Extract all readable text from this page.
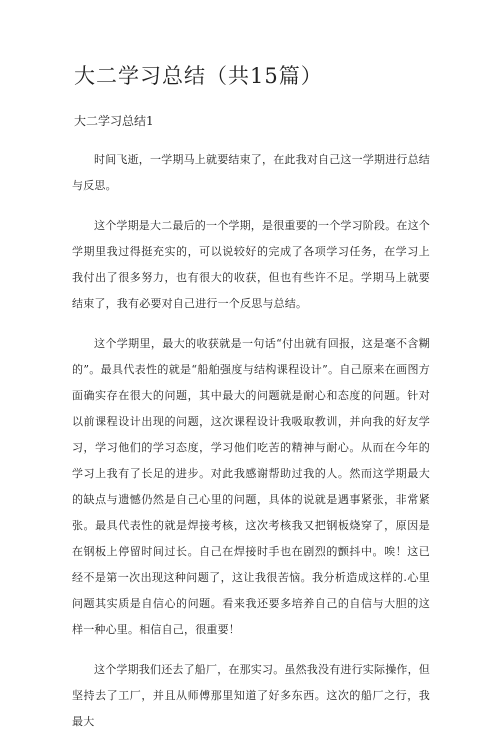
大二学习总结（共15篇）
大二学习总结1

时间飞逝，一学期马上就要结束了，在此我对自己这一学期进行总结与反思。

这个学期是大二最后的一个学期，是很重要的一个学习阶段。在这个学期里我过得挺充实的，可以说较好的完成了各项学习任务，在学习上我付出了很多努力，也有很大的收获，但也有些许不足。学期马上就要结束了，我有必要对自己进行一个反思与总结。

这个学期里，最大的收获就是一句话“付出就有回报，这是毫不含糊的”。最具代表性的就是“船舶强度与结构课程设计”。自己原来在画图方面确实存在很大的问题，其中最大的问题就是耐心和态度的问题。针对以前课程设计出现的问题，这次课程设计我吸取教训，并向我的好友学习，学习他们的学习态度，学习他们吃苦的精神与耐心。从而在今年的学习上我有了长足的进步。对此我感谢帮助过我的人。然而这学期最大的缺点与遗憾仍然是自己心里的问题，具体的说就是遇事紧张，非常紧张。最具代表性的就是焊接考核，这次考核我又把钢板烧穿了，原因是在钢板上停留时间过长。自己在焊接时手也在剧烈的颤抖中。唉！这已经不是第一次出现这种问题了，这让我很苦恼。我分析造成这样的.心里问题其实质是自信心的问题。看来我还要多培养自己的自信与大胆的这样一种心里。相信自己，很重要！

这个学期我们还去了船厂，在那实习。虽然我没有进行实际操作，但坚持去了工厂，并且从师傅那里知道了好多东西。这次的船厂之行，我最大
